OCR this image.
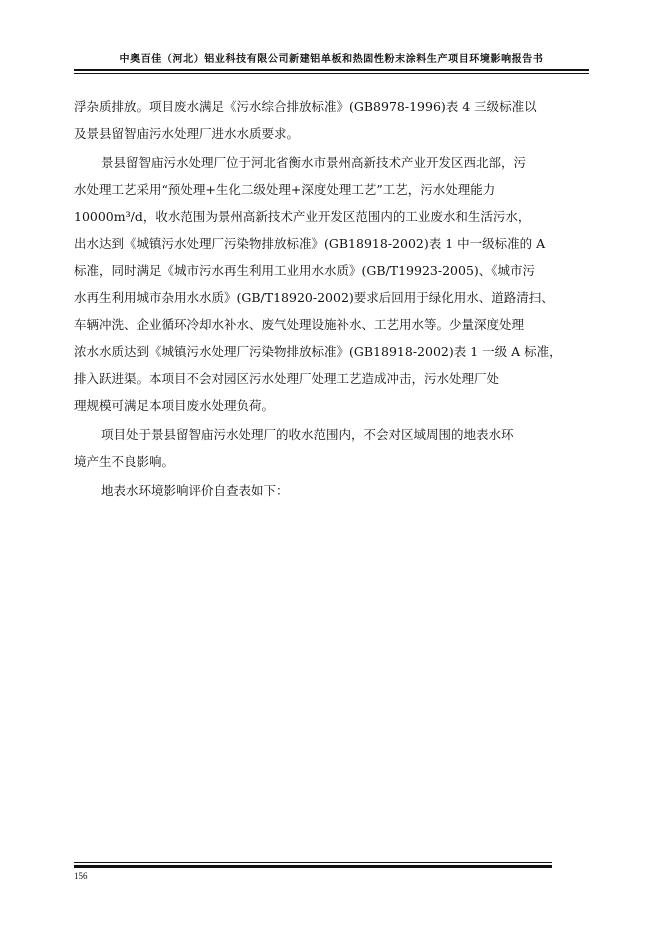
中奥百佳（河北）铝业科技有限公司新建铝单板和热固性粉末涂料生产项目环境影响报告书
浮杂质排放。项目废水满足《污水综合排放标准》(GB8978-1996)表 4 三级标准以
及景县留智庙污水处理厂进水水质要求。
景县留智庙污水处理厂位于河北省衡水市景州高新技术产业开发区西北部，污
水处理工艺采用“预处理+生化二级处理+深度处理工艺”工艺，污水处理能力
10000m³/d，收水范围为景州高新技术产业开发区范围内的工业废水和生活污水，
出水达到《城镇污水处理厂污染物排放标准》(GB18918-2002)表 1 中一级标准的 A
标准，同时满足《城市污水再生利用工业用水水质》(GB/T19923-2005)、《城市污
水再生利用城市杂用水水质》(GB/T18920-2002)要求后回用于绿化用水、道路清扫、
车辆冲洗、企业循环冷却水补水、废气处理设施补水、工艺用水等。少量深度处理
浓水水质达到《城镇污水处理厂污染物排放标准》(GB18918-2002)表 1 一级 A 标准，
排入跃进渠。本项目不会对园区污水处理厂处理工艺造成冲击，污水处理厂处
理规模可满足本项目废水处理负荷。
项目处于景县留智庙污水处理厂的收水范围内，不会对区域周围的地表水环
境产生不良影响。
地表水环境影响评价自查表如下：
156
